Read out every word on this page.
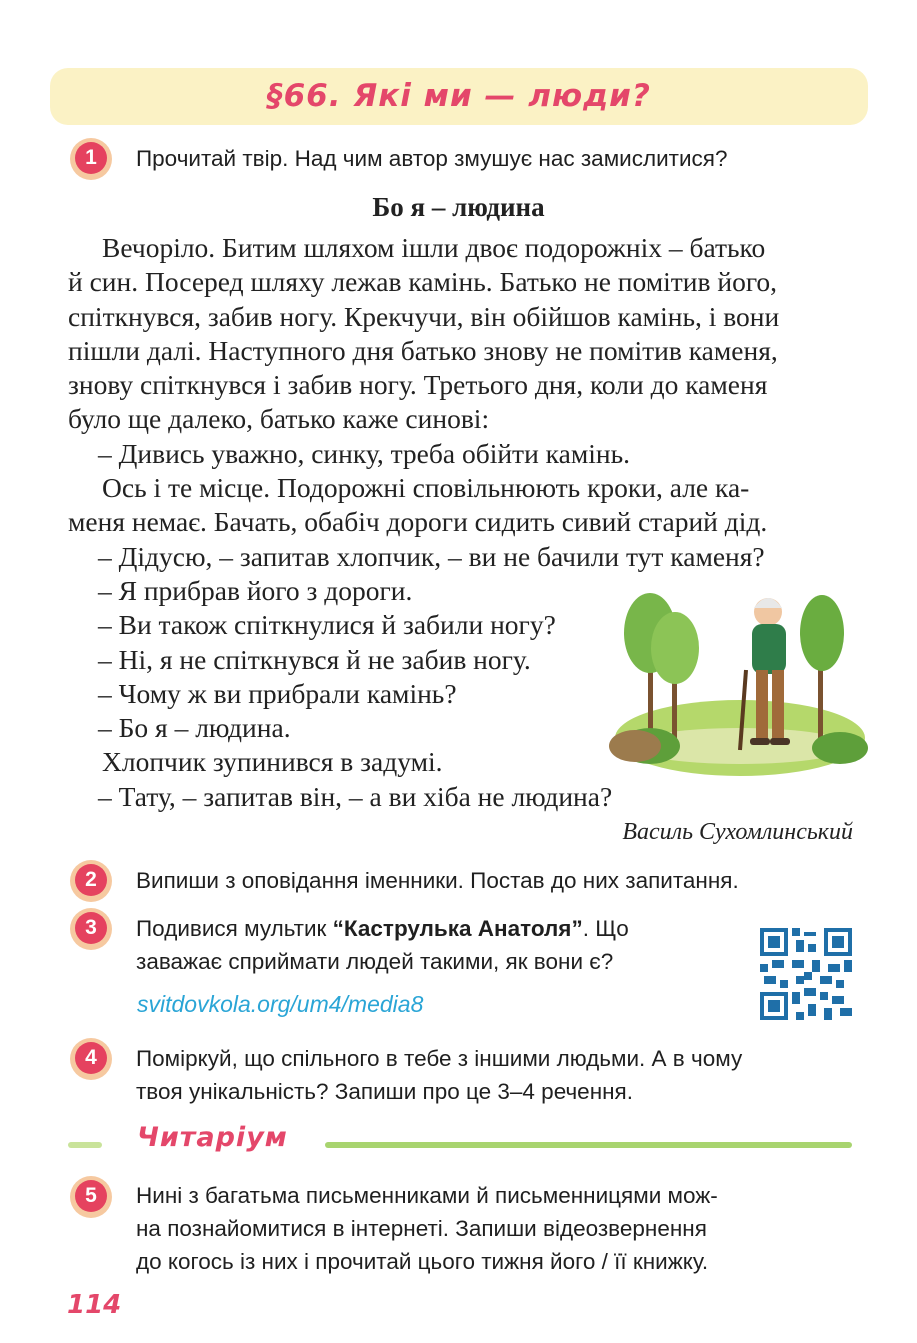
§66. Які ми — люди?
1	Прочитай твір. Над чим автор змушує нас замислитися?
Бо я – людина

Вечоріло. Битим шляхом ішли двоє подорожніх – батько

й син. Посеред шляху лежав камінь. Батько не помітив його,

спіткнувся, забив ногу. Крекчучи, він обійшов камінь, і вони

пішли далі. Наступного дня батько знову не помітив каменя,

знову спіткнувся і забив ногу. Третього дня, коли до каменя

було ще далеко, батько каже синові:

– Дивись уважно, синку, треба обійти камінь.

Ось і те місце. Подорожні сповільнюють кроки, але ка-

меня немає. Бачать, обабіч дороги сидить сивий старий дід.

– Дідусю, – запитав хлопчик, – ви не бачили тут каменя?

– Я прибрав його з дороги.

– Ви також спіткнулися й забили ногу?

– Ні, я не спіткнувся й не забив ногу.

– Чому ж ви прибрали камінь?

– Бо я – людина.

Хлопчик зупинився в задумі.

– Тату, – запитав він, – а ви хіба не людина?

Василь Сухомлинський
2	Випиши з оповідання іменники. Постав до них запитання.
3	Подивися мультик “Каструлька Анатоля”. Що
заважає сприймати людей такими, як вони є?
svitdovkola.org/um4/media8
4	Поміркуй, що спільного в тебе з іншими людьми. А в чому
твоя унікальність? Запиши про це 3–4 речення.
Читаріум
5	Нині з багатьма письменниками й письменницями мож-
на познайомитися в інтернеті. Запиши відеозвернення
до когось із них і прочитай цього тижня його / її книжку.
114
